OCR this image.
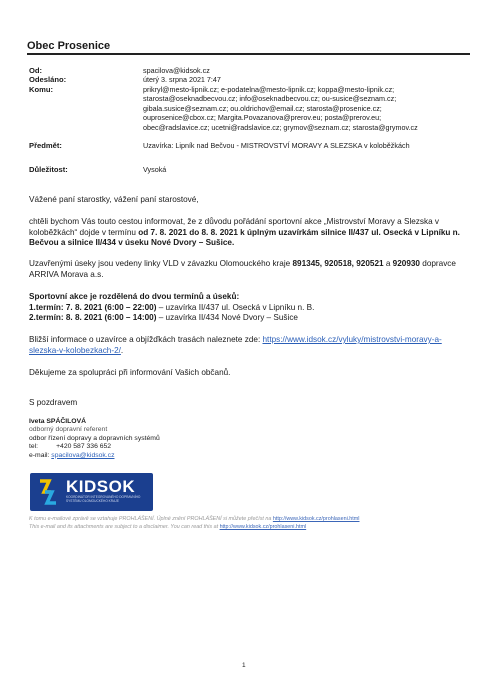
Obec Prosenice
Od:	spacilova@kidsok.cz
Odesláno:	úterý 3. srpna 2021 7:47
Komu:	prikryl@mesto-lipnik.cz; e-podatelna@mesto-lipnik.cz; koppa@mesto-lipnik.cz;
starosta@oseknadbecvou.cz; info@oseknadbecvou.cz; ou-susice@seznam.cz;
gibala.susice@seznam.cz; ou.oldrichov@email.cz; starosta@prosenice.cz;
ouprosenice@cbox.cz; Margita.Povazanova@prerov.eu; posta@prerov.eu;
obec@radslavice.cz; ucetni@radslavice.cz; grymov@seznam.cz; starosta@grymov.cz
Předmět:	Uzavírka: Lipník nad Bečvou - MISTROVSTVÍ MORAVY A SLEZSKA v koloběžkách
Důležitost:	Vysoká
Vážené paní starostky, vážení paní starostové,
chtěli bychom Vás touto cestou informovat, že z důvodu pořádání sportovní akce „Mistrovství Moravy a Slezska v koloběžkách“ dojde v termínu od 7. 8. 2021 do 8. 8. 2021 k úplným uzavírkám silnice II/437 ul. Osecká v Lipníku n. Bečvou a silnice II/434 v úseku Nové Dvory – Sušice.
Uzavřenými úseky jsou vedeny linky VLD v závazku Olomouckého kraje 891345, 920518, 920521 a 920930 dopravce ARRIVA Morava a.s.
Sportovní akce je rozdělená do dvou termínů a úseků:
1.termín: 7. 8. 2021 (6:00 – 22:00) – uzavírka II/437 ul. Osecká v Lipníku n. B.
2.termín: 8. 8. 2021 (6:00 – 14:00) – uzavírka II/434 Nové Dvory – Sušice
Bližší informace o uzavírce a objížďkách trasách naleznete zde: https://www.idsok.cz/vyluky/mistrovstvi-moravy-a-slezska-v-kolobezkach-2/.
Děkujeme za spolupráci při informování Vašich občanů.
S pozdravem
Iveta SPÁČILOVÁ
odborný dopravní referent
odbor řízení dopravy a dopravních systémů
tel:	+420 587 336 652
e-mail: spacilova@kidsok.cz
KIDSOK
KOORDINÁTOR INTEGROVANÉHO DOPRAVNÍHO SYSTÉMU OLOMOUCKÉHO KRAJE
K tomu e-mailové zprávě se vztahuje PROHLÁŠENÍ. Úplné znění PROHLÁŠENÍ si můžete přečíst na http://www.kidsok.cz/prohlaseni.html
This e-mail and its attachments are subject to a disclaimer. You can read this at http://www.kidsok.cz/prohlaseni.html
1
